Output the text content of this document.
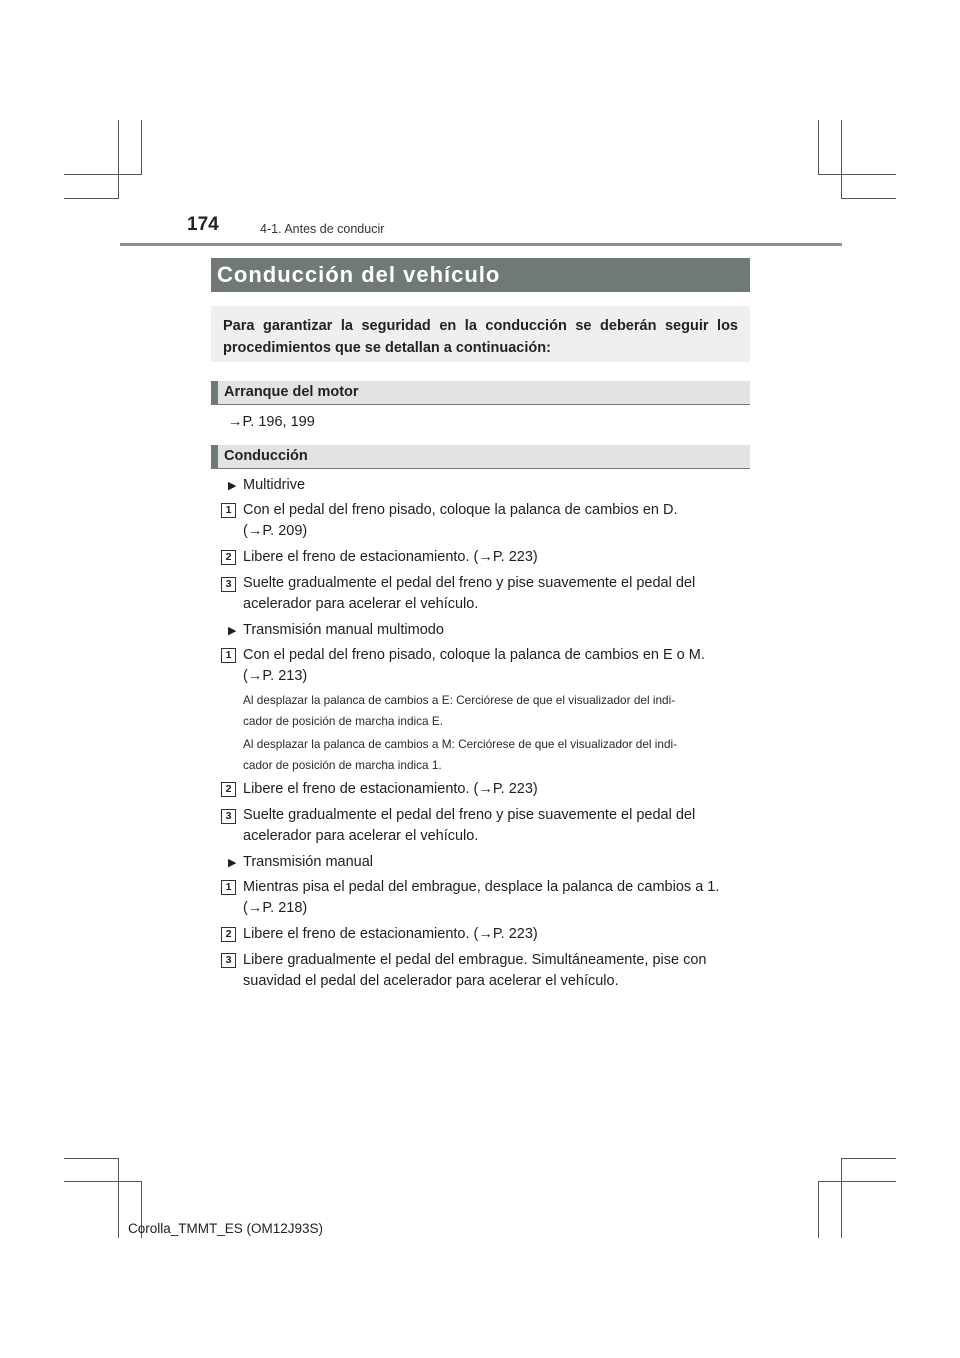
174	4-1. Antes de conducir
Conducción del vehículo
Para garantizar la seguridad en la conducción se deberán seguir los procedimientos que se detallan a continuación:
Arranque del motor
→P. 196, 199
Conducción
▶ Multidrive
1 Con el pedal del freno pisado, coloque la palanca de cambios en D.
(→P. 209)
2 Libere el freno de estacionamiento. (→P. 223)
3 Suelte gradualmente el pedal del freno y pise suavemente el pedal del
acelerador para acelerar el vehículo.
▶ Transmisión manual multimodo
1 Con el pedal del freno pisado, coloque la palanca de cambios en E o M.
(→P. 213)
Al desplazar la palanca de cambios a E: Cerciórese de que el visualizador del indi-
cador de posición de marcha indica E.
Al desplazar la palanca de cambios a M: Cerciórese de que el visualizador del indi-
cador de posición de marcha indica 1.
2 Libere el freno de estacionamiento. (→P. 223)
3 Suelte gradualmente el pedal del freno y pise suavemente el pedal del
acelerador para acelerar el vehículo.
▶ Transmisión manual
1 Mientras pisa el pedal del embrague, desplace la palanca de cambios a 1.
(→P. 218)
2 Libere el freno de estacionamiento. (→P. 223)
3 Libere gradualmente el pedal del embrague. Simultáneamente, pise con
suavidad el pedal del acelerador para acelerar el vehículo.
Corolla_TMMT_ES (OM12J93S)
